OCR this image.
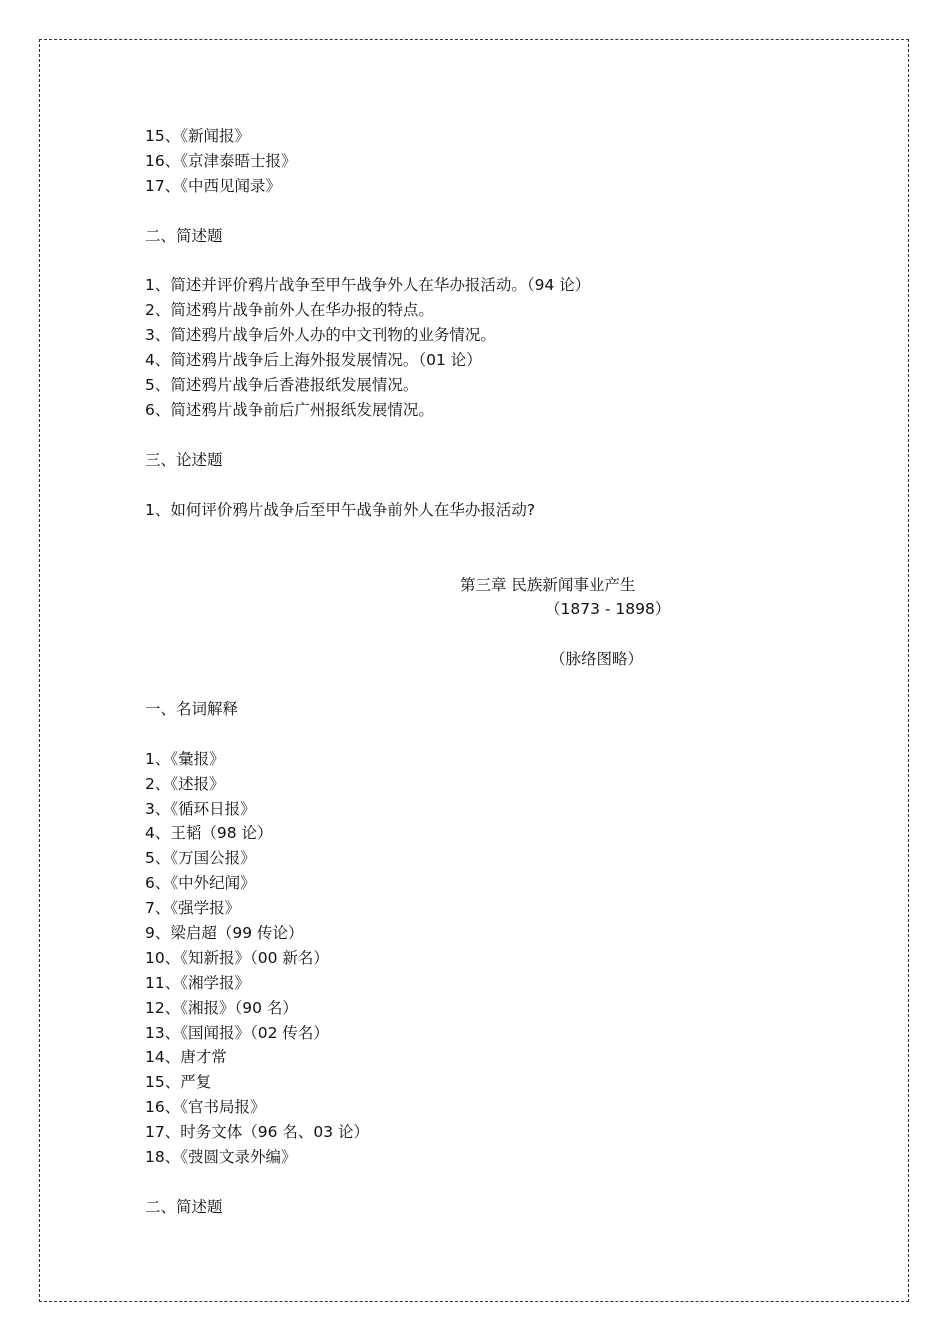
15、《新闻报》
16、《京津泰晤士报》
17、《中西见闻录》
二、简述题
1、简述并评价鸦片战争至甲午战争外人在华办报活动。（94 论）
2、简述鸦片战争前外人在华办报的特点。
3、简述鸦片战争后外人办的中文刊物的业务情况。
4、简述鸦片战争后上海外报发展情况。（01 论）
5、简述鸦片战争后香港报纸发展情况。
6、简述鸦片战争前后广州报纸发展情况。
三、论述题
1、如何评价鸦片战争后至甲午战争前外人在华办报活动?
第三章 民族新闻事业产生
（1873 - 1898）
（脉络图略）
一、名词解释
1、《彙报》
2、《述报》
3、《循环日报》
4、王韬（98 论）
5、《万国公报》
6、《中外纪闻》
7、《强学报》
9、梁启超（99 传论）
10、《知新报》（00 新名）
11、《湘学报》
12、《湘报》（90 名）
13、《国闻报》（02 传名）
14、唐才常
15、严复
16、《官书局报》
17、时务文体（96 名、03 论）
18、《弢圆文录外编》
二、简述题
